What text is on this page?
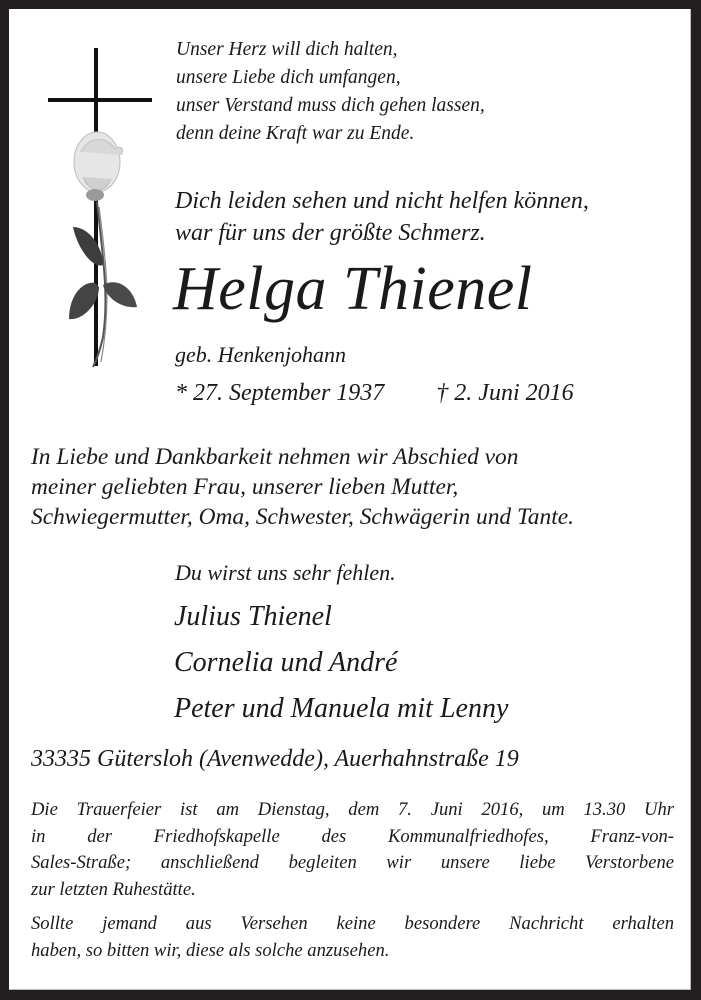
Unser Herz will dich halten,
unsere Liebe dich umfangen,
unser Verstand muss dich gehen lassen,
denn deine Kraft war zu Ende.
Dich leiden sehen und nicht helfen können,
war für uns der größte Schmerz.
Helga Thienel
geb. Henkenjohann
* 27. September 1937 † 2. Juni 2016
In Liebe und Dankbarkeit nehmen wir Abschied von
meiner geliebten Frau, unserer lieben Mutter,
Schwiegermutter, Oma, Schwester, Schwägerin und Tante.
Du wirst uns sehr fehlen.
Julius Thienel
Cornelia und André
Peter und Manuela mit Lenny
33335 Gütersloh (Avenwedde), Auerhahnstraße 19

Die Trauerfeier ist am Dienstag, dem 7. Juni 2016, um 13.30 Uhr
in der Friedhofskapelle des Kommunalfriedhofes, Franz-von-
Sales-Straße; anschließend begleiten wir unsere liebe Verstorbene
zur letzten Ruhestätte.

Sollte jemand aus Versehen keine besondere Nachricht erhalten
haben, so bitten wir, diese als solche anzusehen.
